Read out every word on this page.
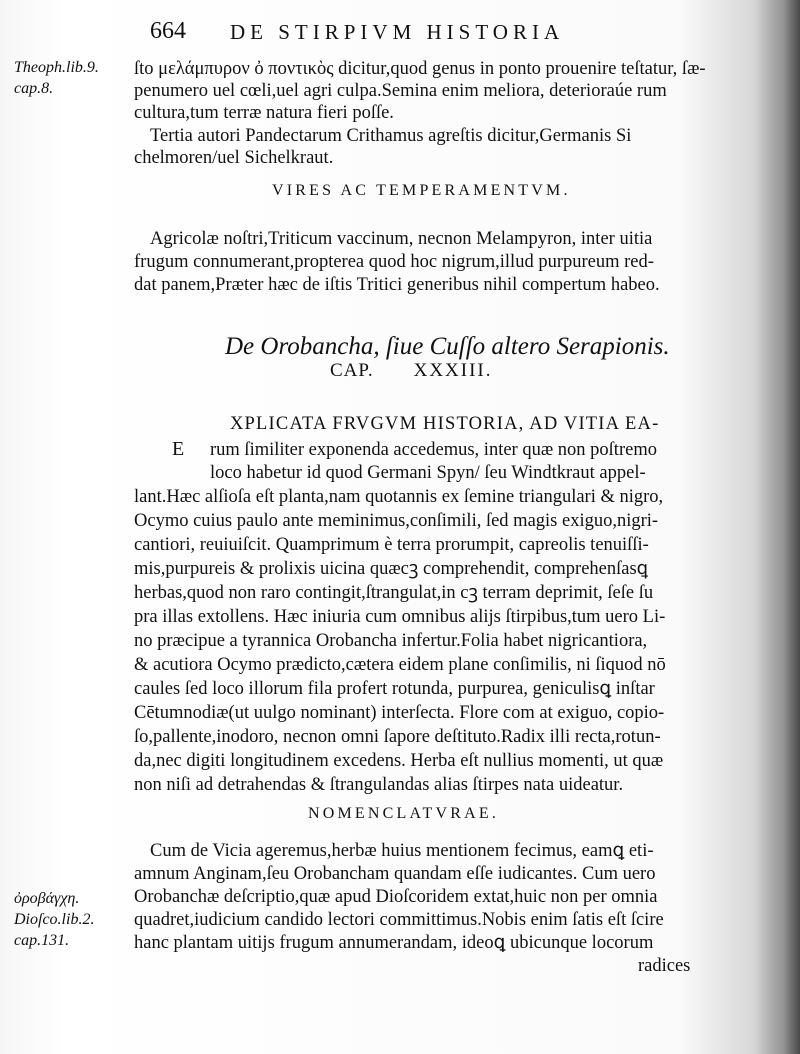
664 DE STIRPIVM HISTORIA
Theoph.lib.9.
cap.8.
ſtο μελάμπυρον ὀ ποντικὸς dicitur,quod genus in ponto prouenire teſtatur, ſæ-
penumero uel cœli,uel agri culpa.Semina enim meliora, deterioraúe rum
cultura,tum terræ natura fieri poſſe.
Tertia autori Pandectarum Crithamus agreſtis dicitur,Germanis Si
chelmoren/uel Sichelkraut.
VIRES AC TEMPERAMENTVM.
Agricolæ noſtri,Triticum vaccinum, necnon Melampyron, inter uitia
frugum connumerant,propterea quod hoc nigrum,illud purpureum red-
dat panem,Præter hæc de iſtis Tritici generibus nihil compertum habeo.
De Orobancha, ſiue Cuſſo altero Serapionis.
CAP. XXXIII.
E
XPLICATA FRVGVM HISTORIA, AD VITIA EA-
rum ſimiliter exponenda accedemus, inter quæ non poſtremo
loco habetur id quod Germani Spyn/ ſeu Windtkraut appel-
lant.Hæc alſioſa eſt planta,nam quotannis ex ſemine triangulari & nigro,
Ocymo cuius paulo ante meminimus,conſimili, ſed magis exiguo,nigri-
cantiori, reuiuiſcit. Quamprimum è terra prorumpit, capreolis tenuiſſi-
mis,purpureis & prolixis uicina quæcꝫ comprehendit, comprehenſasꝗ
herbas,quod non raro contingit,ſtrangulat,in cꝫ terram deprimit, ſeſe ſu
pra illas extollens. Hæc iniuria cum omnibus alijs ſtirpibus,tum uero Li-
no præcipue a tyrannica Orobancha infertur.Folia habet nigricantiora,
& acutiora Ocymo prædicto,cætera eidem plane conſimilis, ni ſiquod nō
caules ſed loco illorum fila profert rotunda, purpurea, geniculisꝗ inſtar
Cētumnodiæ(ut uulgo nominant) interſecta. Flore com at exiguo, copio-
ſo,pallente,inodoro, necnon omni ſapore deſtituto.Radix illi recta,rotun-
da,nec digiti longitudinem excedens. Herba eſt nullius momenti, ut quæ
non niſi ad detrahendas & ſtrangulandas alias ſtirpes nata uideatur.
NOMENCLATVRAE.
ὀροβάγχη.
Dioſco.lib.2.
cap.131.
Cum de Vicia ageremus,herbæ huius mentionem fecimus, eamꝗ eti-
amnum Anginam,ſeu Orobancham quandam eſſe iudicantes. Cum uero
Orobanchæ deſcriptio,quæ apud Dioſcoridem extat,huic non per omnia
quadret,iudicium candido lectori committimus.Nobis enim ſatis eſt ſcire
hanc plantam uitijs frugum annumerandam, ideoꝗ ubicunque locorum
radices
